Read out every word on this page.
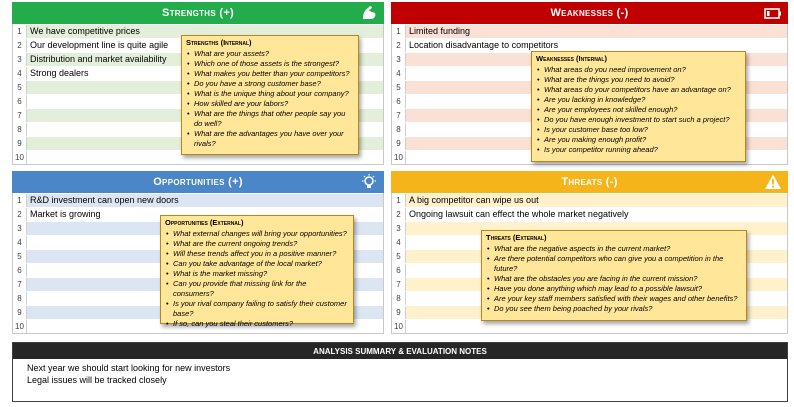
Strengths (+)
1 We have competitive prices
2 Our development line is quite agile
3 Distribution and market availability
4 Strong dealers
5
6
7
8
9
10
Weaknesses (-)
1 Limited funding
2 Location disadvantage to competitors
3
4
5
6
7
8
9
10
Opportunities (+)
1 R&D investment can open new doors
2 Market is growing
3
4
5
6
7
8
9
10
Threats (-)
1 A big competitor can wipe us out
2 Ongoing lawsuit can effect the whole market negatively
3
4
5
6
7
8
9
10
Strengths (Internal)
• What are your assets?
• Which one of those assets is the strongest?
• What makes you better than your competitors?
• Do you have a strong customer base?
• What is the unique thing about your company?
• How skilled are your labors?
• What are the things that other people say you do well?
• What are the advantages you have over your rivals?
Weaknesses (Internal)
• What areas do you need improvement on?
• What are the things you need to avoid?
• What areas do your competitors have an advantage on?
• Are you lacking in knowledge?
• Are your employees not skilled enough?
• Do you have enough investment to start such a project?
• Is your customer base too low?
• Are you making enough profit?
• Is your competitor running ahead?
Opportunities (External)
• What external changes will bring your opportunities?
• What are the current ongoing trends?
• Will these trends affect you in a positive manner?
• Can you take advantage of the local market?
• What is the market missing?
• Can you provide that missing link for the consumers?
• Is your rival company failing to satisfy their customer base?
• If so, can you steal their customers?
Threats (External)
• What are the negative aspects in the current market?
• Are there potential competitors who can give you a competition in the future?
• What are the obstacles you are facing in the current mission?
• Have you done anything which may lead to a possible lawsuit?
• Are your key staff members satisfied with their wages and other benefits?
• Do you see them being poached by your rivals?
ANALYSIS SUMMARY & EVALUATION NOTES
Next year we should start looking for new investors
Legal issues will be tracked closely
